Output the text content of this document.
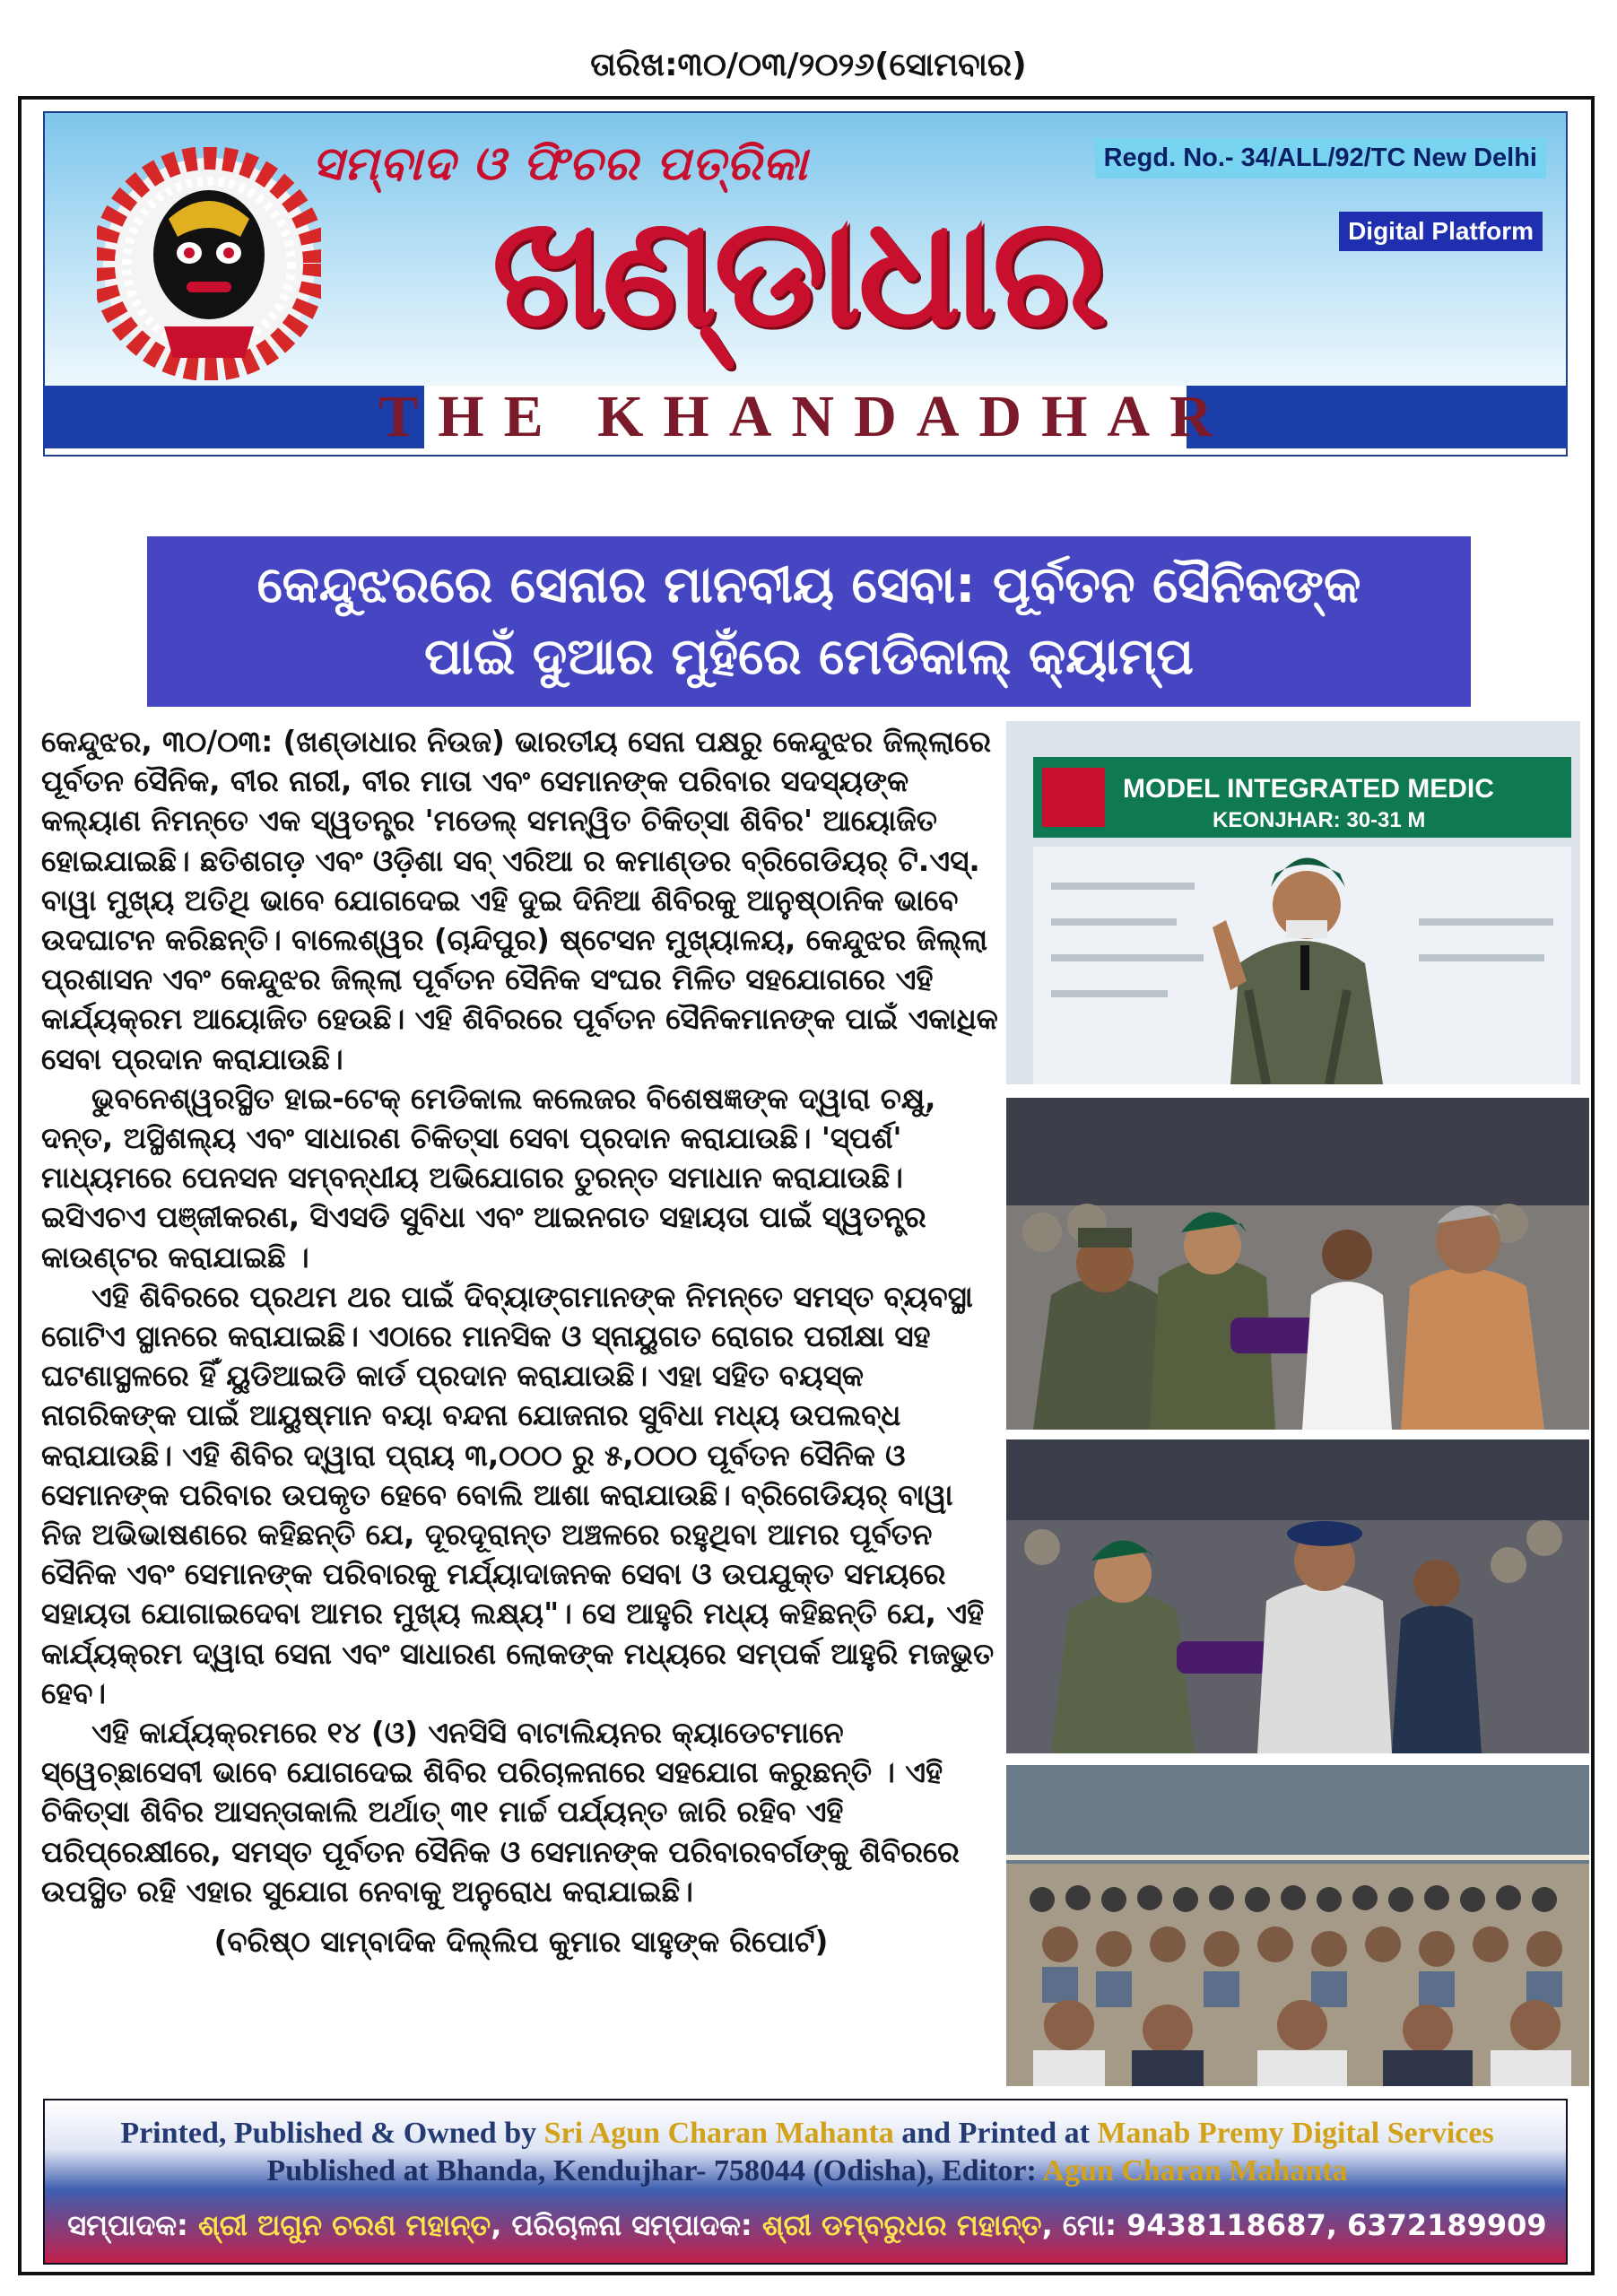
ତାରିଖ:୩୦/୦୩/୨୦୨୬(ସୋମବାର)
ସମ୍ବାଦ ଓ ଫିଚର ପତ୍ରିକା
ଖଣ୍ଡାଧାର
Regd. No.- 34/ALL/92/TC New Delhi
Digital Platform
THE KHANDADHAR
କେନ୍ଦୁଝରରେ ସେନାର ମାନବୀୟ ସେବା: ପୂର୍ବତନ ସୈନିକଙ୍କ
ପାଇଁ ଦୁଆର ମୁହଁରେ ମେଡିକାଲ୍ କ୍ୟାମ୍ପ

କେନ୍ଦୁଝର, ୩୦/୦୩: (ଖଣ୍ଡାଧାର ନିଉଜ) ଭାରତୀୟ ସେନା ପକ୍ଷରୁ କେନ୍ଦୁଝର ଜିଲ୍ଲାରେ ପୂର୍ବତନ ସୈନିକ, ବୀର ନାରୀ, ବୀର ମାତା ଏବଂ ସେମାନଙ୍କ ପରିବାର ସଦସ୍ୟଙ୍କ କଲ୍ୟାଣ ନିମନ୍ତେ ଏକ ସ୍ୱତନ୍ତ୍ର 'ମଡେଲ୍ ସମନ୍ୱିତ ଚିକିତ୍ସା ଶିବିର' ଆୟୋଜିତ ହୋଇଯାଇଛି। ଛତିଶଗଡ଼ ଏବଂ ଓଡ଼ିଶା ସବ୍ ଏରିଆ ର କମାଣ୍ଡର ବ୍ରିଗେଡିୟର୍ ଟି.ଏସ୍. ବାୱା ମୁଖ୍ୟ ଅତିଥି ଭାବେ ଯୋଗଦେଇ ଏହି ଦୁଇ ଦିନିଆ ଶିବିରକୁ ଆନୁଷ୍ଠାନିକ ଭାବେ ଉଦଘାଟନ କରିଛନ୍ତି। ବାଲେଶ୍ୱର (ଚାନ୍ଦିପୁର) ଷ୍ଟେସନ ମୁଖ୍ୟାଳୟ, କେନ୍ଦୁଝର ଜିଲ୍ଲା ପ୍ରଶାସନ ଏବଂ କେନ୍ଦୁଝର ଜିଲ୍ଲା ପୂର୍ବତନ ସୈନିକ ସଂଘର ମିଳିତ ସହଯୋଗରେ ଏହି କାର୍ଯ୍ୟକ୍ରମ ଆୟୋଜିତ ହେଉଛି। ଏହି ଶିବିରରେ ପୂର୍ବତନ ସୈନିକମାନଙ୍କ ପାଇଁ ଏକାଧିକ ସେବା ପ୍ରଦାନ କରାଯାଉଛି।

ଭୁବନେଶ୍ୱରସ୍ଥିତ ହାଇ-ଟେକ୍ ମେଡିକାଲ କଲେଜର ବିଶେଷଜ୍ଞଙ୍କ ଦ୍ୱାରା ଚକ୍ଷୁ, ଦନ୍ତ, ଅସ୍ଥିଶଲ୍ୟ ଏବଂ ସାଧାରଣ ଚିକିତ୍ସା ସେବା ପ୍ରଦାନ କରାଯାଉଛି। 'ସ୍ପର୍ଶ' ମାଧ୍ୟମରେ ପେନସନ ସମ୍ବନ୍ଧୀୟ ଅଭିଯୋଗର ତୁରନ୍ତ ସମାଧାନ କରାଯାଉଛି। ଇସିଏଚଏ ପଞ୍ଜୀକରଣ, ସିଏସଡି ସୁବିଧା ଏବଂ ଆଇନଗତ ସହାୟତା ପାଇଁ ସ୍ୱତନ୍ତ୍ର କାଉଣ୍ଟର କରାଯାଇଛି ।

ଏହି ଶିବିରରେ ପ୍ରଥମ ଥର ପାଇଁ ଦିବ୍ୟାଙ୍ଗମାନଙ୍କ ନିମନ୍ତେ ସମସ୍ତ ବ୍ୟବସ୍ଥା ଗୋଟିଏ ସ୍ଥାନରେ କରାଯାଇଛି। ଏଠାରେ ମାନସିକ ଓ ସ୍ନାୟୁଗତ ରୋଗର ପରୀକ୍ଷା ସହ ଘଟଣାସ୍ଥଳରେ ହିଁ ୟୁଡିଆଇଡି କାର୍ଡ ପ୍ରଦାନ କରାଯାଉଛି। ଏହା ସହିତ ବୟସ୍କ ନାଗରିକଙ୍କ ପାଇଁ ଆୟୁଷ୍ମାନ ବୟା ବନ୍ଦନା ଯୋଜନାର ସୁବିଧା ମଧ୍ୟ ଉପଲବ୍ଧ କରାଯାଉଛି। ଏହି ଶିବିର ଦ୍ୱାରା ପ୍ରାୟ ୩,୦୦୦ ରୁ ୫,୦୦୦ ପୂର୍ବତନ ସୈନିକ ଓ ସେମାନଙ୍କ ପରିବାର ଉପକୃତ ହେବେ ବୋଲି ଆଶା କରାଯାଉଛି। ବ୍ରିଗେଡିୟର୍ ବାୱା ନିଜ ଅଭିଭାଷଣରେ କହିଛନ୍ତି ଯେ, ଦୂରଦୂରାନ୍ତ ଅଞ୍ଚଳରେ ରହୁଥିବା ଆମର ପୂର୍ବତନ ସୈନିକ ଏବଂ ସେମାନଙ୍କ ପରିବାରକୁ ମର୍ଯ୍ୟାଦାଜନକ ସେବା ଓ ଉପଯୁକ୍ତ ସମୟରେ ସହାୟତା ଯୋଗାଇଦେବା ଆମର ମୁଖ୍ୟ ଲକ୍ଷ୍ୟ"। ସେ ଆହୁରି ମଧ୍ୟ କହିଛନ୍ତି ଯେ, ଏହି କାର୍ଯ୍ୟକ୍ରମ ଦ୍ୱାରା ସେନା ଏବଂ ସାଧାରଣ ଲୋକଙ୍କ ମଧ୍ୟରେ ସମ୍ପର୍କ ଆହୁରି ମଜଭୁତ ହେବ।

ଏହି କାର୍ଯ୍ୟକ୍ରମରେ ୧୪ (ଓ) ଏନସିସି ବାଟାଲିୟନର କ୍ୟାଡେଟମାନେ ସ୍ୱେଚ୍ଛାସେବୀ ଭାବେ ଯୋଗଦେଇ ଶିବିର ପରିଚାଳନାରେ ସହଯୋଗ କରୁଛନ୍ତି । ଏହି ଚିକିତ୍ସା ଶିବିର ଆସନ୍ତାକାଲି ଅର୍ଥାତ୍ ୩୧ ମାର୍ଚ୍ଚ ପର୍ଯ୍ୟନ୍ତ ଜାରି ରହିବ ଏହି ପରିପ୍ରେକ୍ଷୀରେ, ସମସ୍ତ ପୂର୍ବତନ ସୈନିକ ଓ ସେମାନଙ୍କ ପରିବାରବର୍ଗଙ୍କୁ ଶିବିରରେ ଉପସ୍ଥିତ ରହି ଏହାର ସୁଯୋଗ ନେବାକୁ ଅନୁରୋଧ କରାଯାଇଛି।

(ବରିଷ୍ଠ ସାମ୍ବାଦିକ ଦିଲ୍ଲିପ କୁମାର ସାହୁଙ୍କ ରିପୋର୍ଟ)

MODEL INTEGRATED MEDIC
KEONJHAR: 30-31 M
Printed, Published & Owned by Sri Agun Charan Mahanta and Printed at Manab Premy Digital Services
Published at Bhanda, Kendujhar- 758044 (Odisha), Editor: Agun Charan Mahanta
ସମ୍ପାଦକ: ଶ୍ରୀ ଅଗୁନ ଚରଣ ମହାନ୍ତ, ପରିଚାଳନା ସମ୍ପାଦକ: ଶ୍ରୀ ଡମ୍ବରୁଧର ମହାନ୍ତ, ମୋ: 9438118687, 6372189909
